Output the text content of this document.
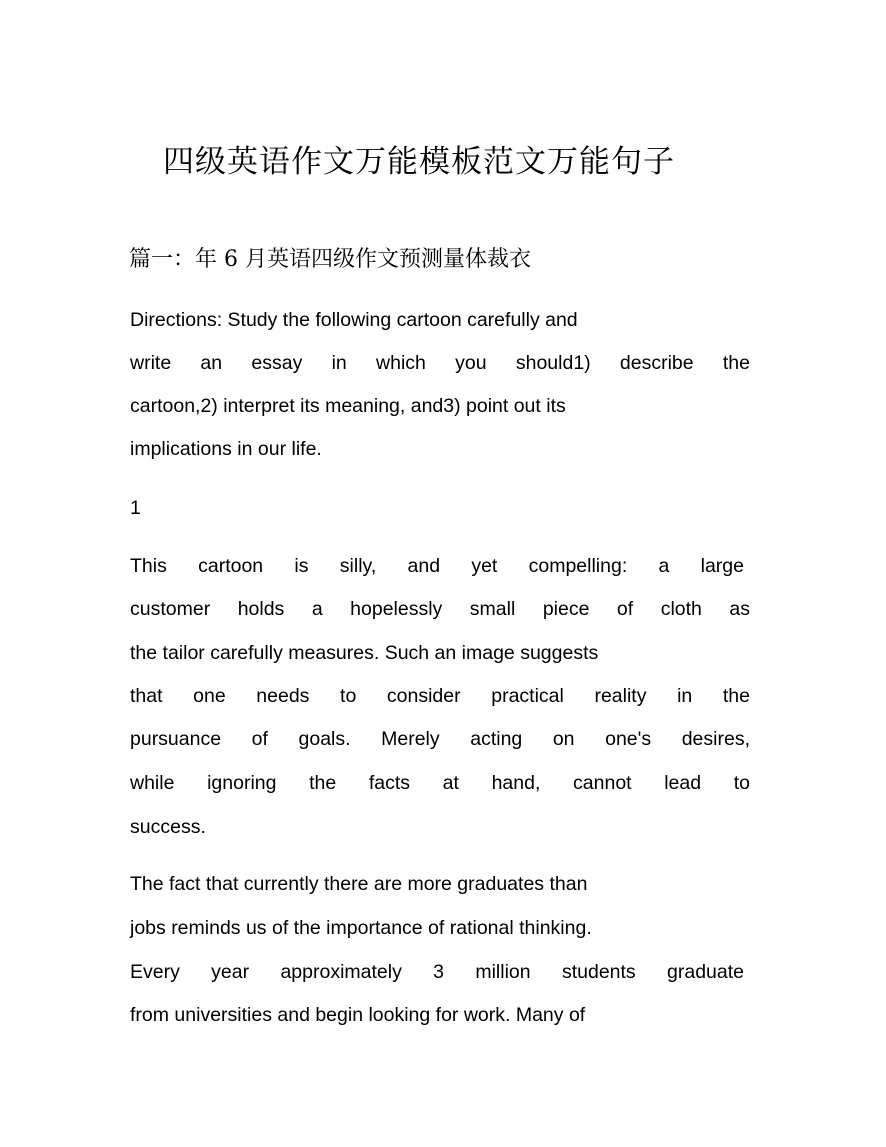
四级英语作文万能模板范文万能句子
篇一：年 6 月英语四级作文预测量体裁衣
Directions: Study the following cartoon carefully and
write an essay in which you should1) describe the
cartoon,2) interpret its meaning, and3) point out its
implications in our life.
1
This cartoon is silly, and yet compelling: a large
customer holds a hopelessly small piece of cloth as
the tailor carefully measures. Such an image suggests
that one needs to consider practical reality in the
pursuance of goals. Merely acting on one's desires,
while ignoring the facts at hand, cannot lead to
success.
The fact that currently there are more graduates than
jobs reminds us of the importance of rational thinking.
Every year approximately 3 million students graduate
from universities and begin looking for work. Many of
